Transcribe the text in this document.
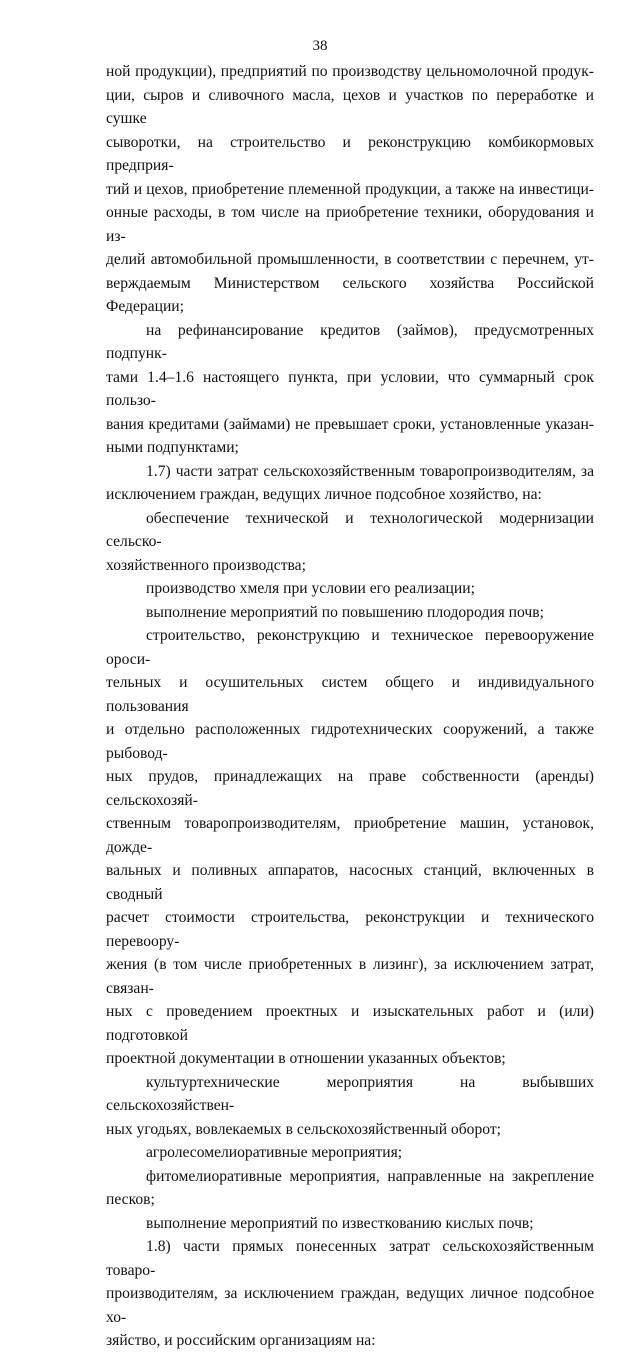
38
ной продукции), предприятий по производству цельномолочной продук-
ции, сыров и сливочного масла, цехов и участков по переработке и сушке
сыворотки, на строительство и реконструкцию комбикормовых предприя-
тий и цехов, приобретение племенной продукции, а также на инвестици-
онные расходы, в том числе на приобретение техники, оборудования и из-
делий автомобильной промышленности, в соответствии с перечнем, ут-
верждаемым Министерством сельского хозяйства Российской Федерации;
на рефинансирование кредитов (займов), предусмотренных подпунк-
тами 1.4–1.6 настоящего пункта, при условии, что суммарный срок пользо-
вания кредитами (займами) не превышает сроки, установленные указан-
ными подпунктами;
1.7) части затрат сельскохозяйственным товаропроизводителям, за
исключением граждан, ведущих личное подсобное хозяйство, на:
обеспечение технической и технологической модернизации сельско-
хозяйственного производства;
производство хмеля при условии его реализации;
выполнение мероприятий по повышению плодородия почв;
строительство, реконструкцию и техническое перевооружение ороси-
тельных и осушительных систем общего и индивидуального пользования
и отдельно расположенных гидротехнических сооружений, а также рыбовод-
ных прудов, принадлежащих на праве собственности (аренды) сельскохозяй-
ственным товаропроизводителям, приобретение машин, установок, дожде-
вальных и поливных аппаратов, насосных станций, включенных в сводный
расчет стоимости строительства, реконструкции и технического перевоору-
жения (в том числе приобретенных в лизинг), за исключением затрат, связан-
ных с проведением проектных и изыскательных работ и (или) подготовкой
проектной документации в отношении указанных объектов;
культуртехнические мероприятия на выбывших сельскохозяйствен-
ных угодьях, вовлекаемых в сельскохозяйственный оборот;
агролесомелиоративные мероприятия;
фитомелиоративные мероприятия, направленные на закрепление
песков;
выполнение мероприятий по известкованию кислых почв;
1.8) части прямых понесенных затрат сельскохозяйственным товаро-
производителям, за исключением граждан, ведущих личное подсобное хо-
зяйство, и российским организациям на:
